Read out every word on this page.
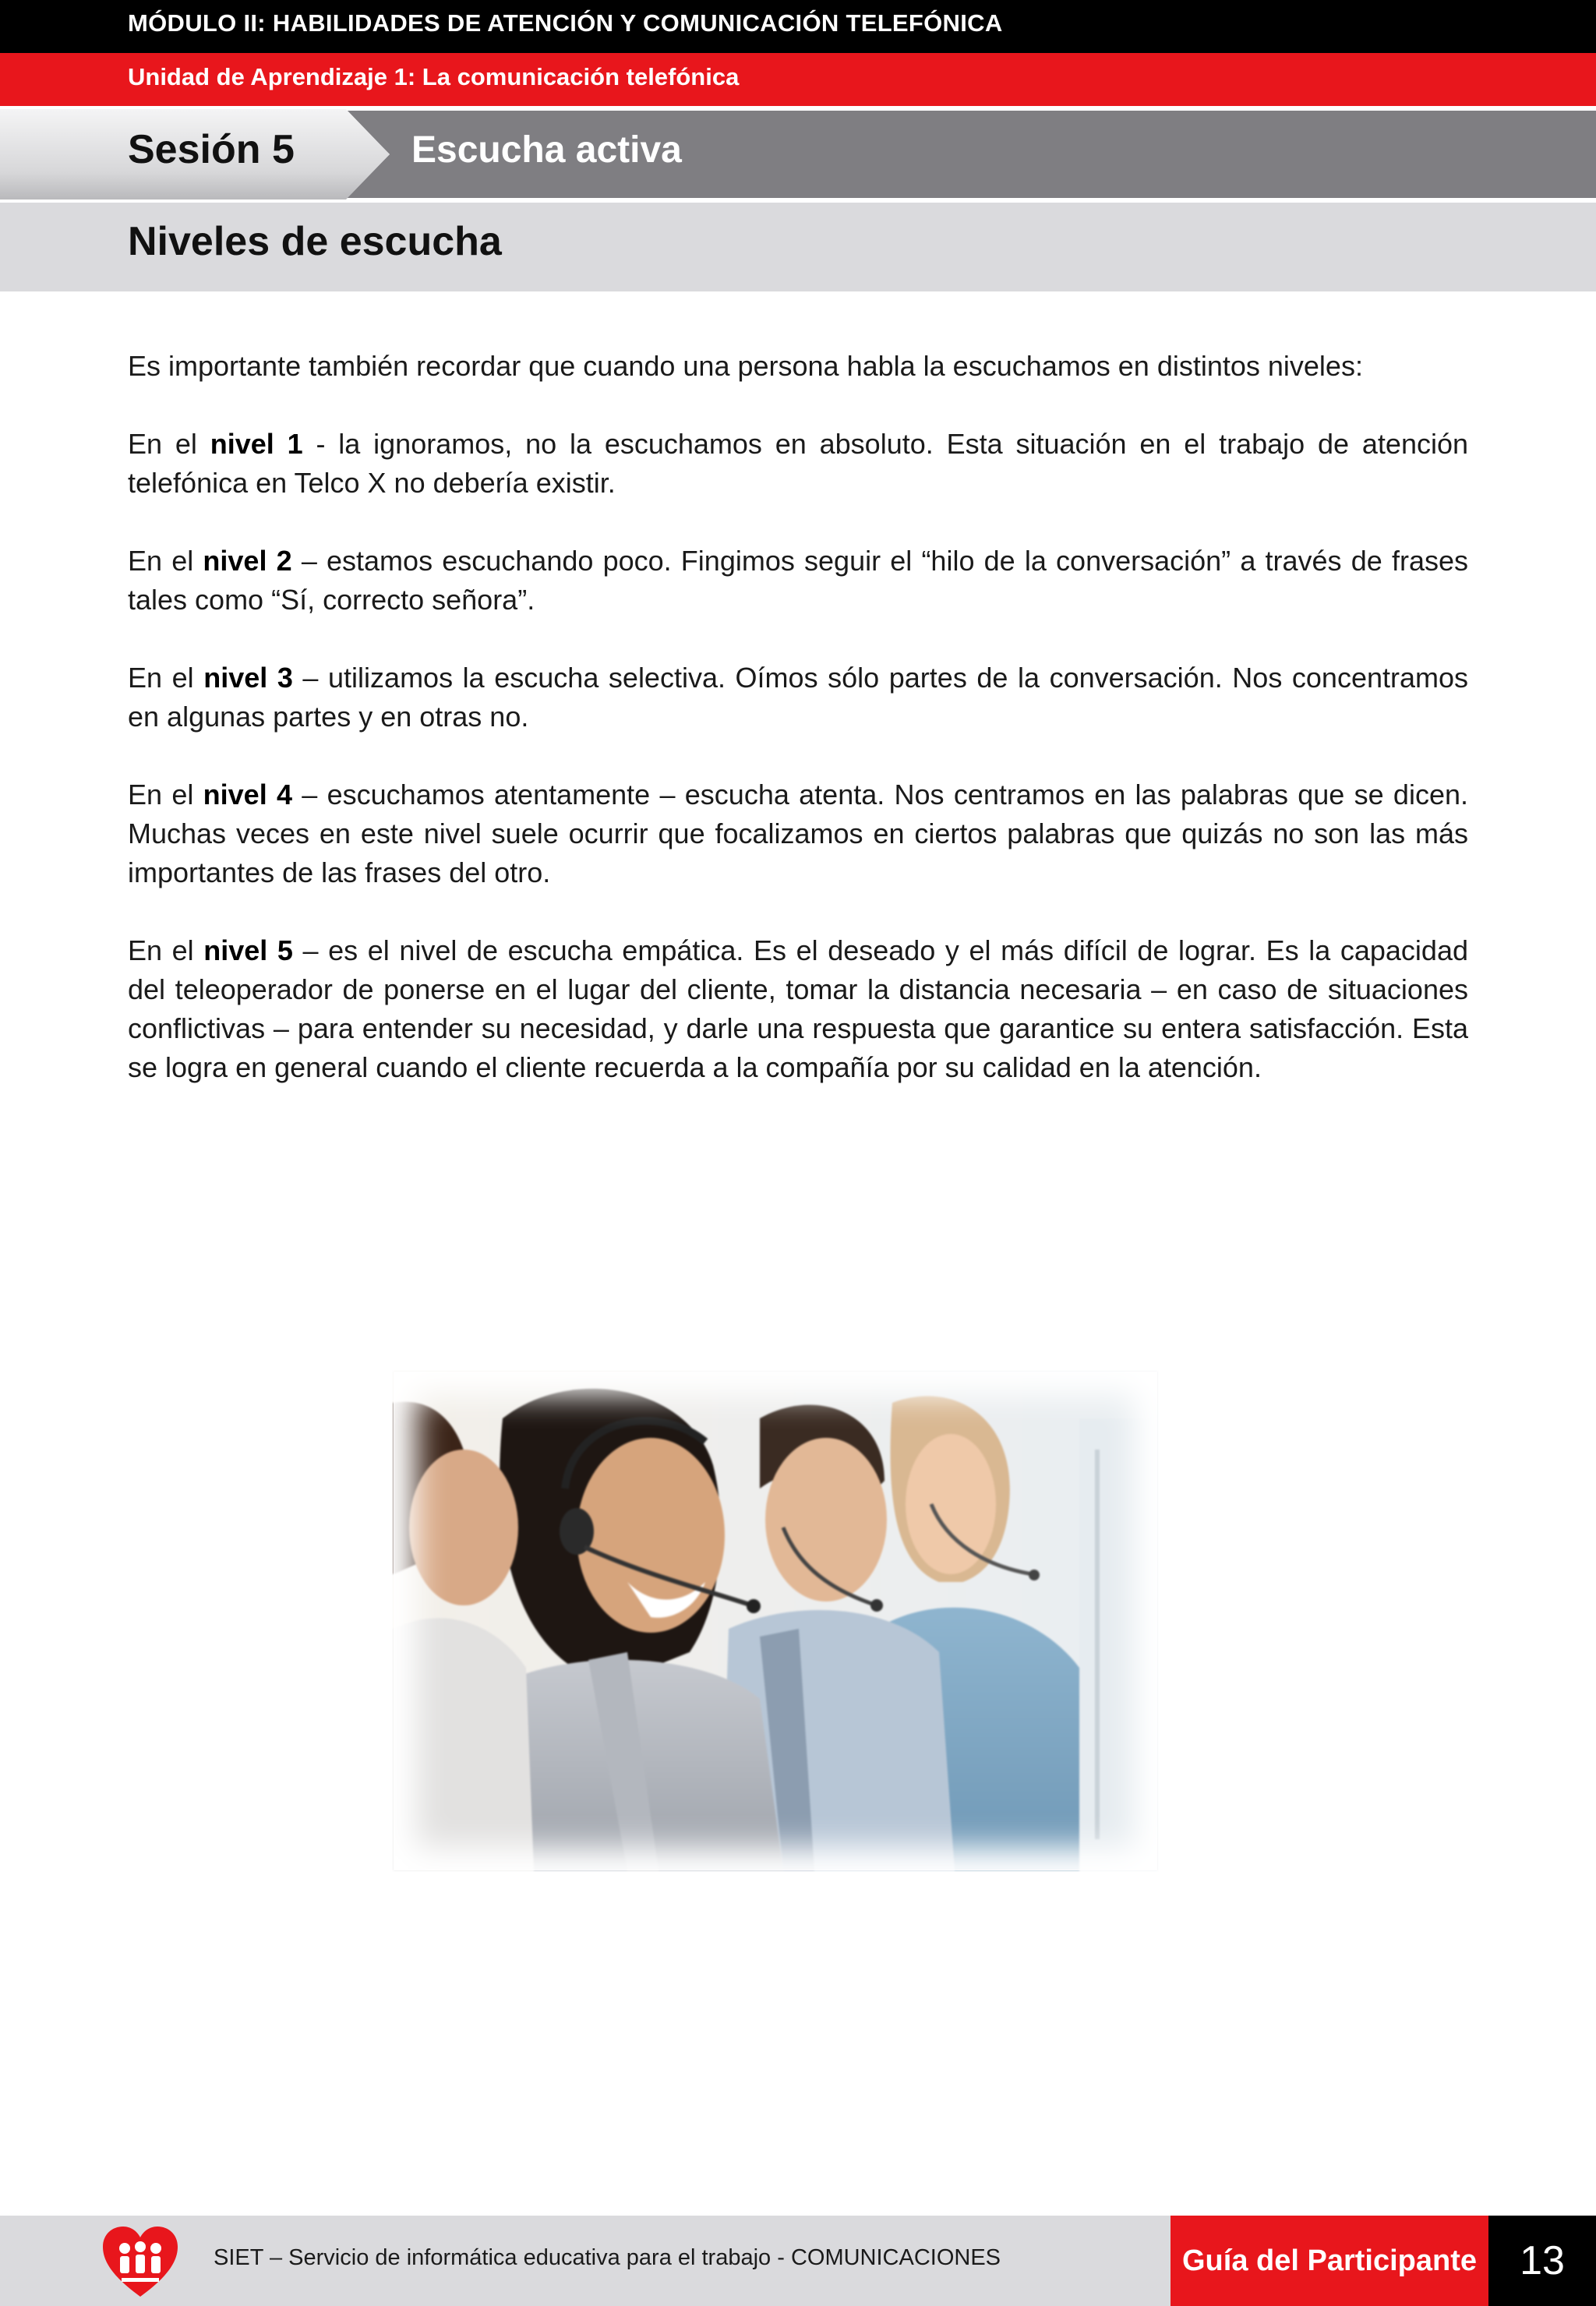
MÓDULO II: HABILIDADES DE ATENCIÓN Y COMUNICACIÓN TELEFÓNICA
Unidad de Aprendizaje 1: La comunicación telefónica
Sesión 5	Escucha activa
Niveles de escucha

Es importante también recordar que cuando una persona habla la escuchamos en distintos niveles:

En el nivel 1 - la ignoramos, no la escuchamos en absoluto. Esta situación en el trabajo de atención telefónica en Telco X no debería existir.

En el nivel 2 – estamos escuchando poco. Fingimos seguir el “hilo de la conversación” a través de frases tales como “Sí, correcto señora”.

En el nivel 3 – utilizamos la escucha selectiva. Oímos sólo partes de la conversación. Nos concentramos en algunas partes y en otras no.

En el nivel 4 – escuchamos atentamente – escucha atenta. Nos centramos en las palabras que se dicen. Muchas veces en este nivel suele ocurrir que focalizamos en ciertos palabras que quizás no son las más importantes de las frases del otro.

En el nivel 5 – es el nivel de escucha empática. Es el deseado y el más difícil de lograr. Es la capacidad del teleoperador de ponerse en el lugar del cliente, tomar la distancia necesaria – en caso de situaciones conflictivas – para entender su necesidad, y darle una respuesta que garantice su entera satisfacción. Esta se logra en general cuando el cliente recuerda a la compañía por su calidad en la atención.

SIET – Servicio de informática educativa para el trabajo - COMUNICACIONES	Guía del Participante	13
